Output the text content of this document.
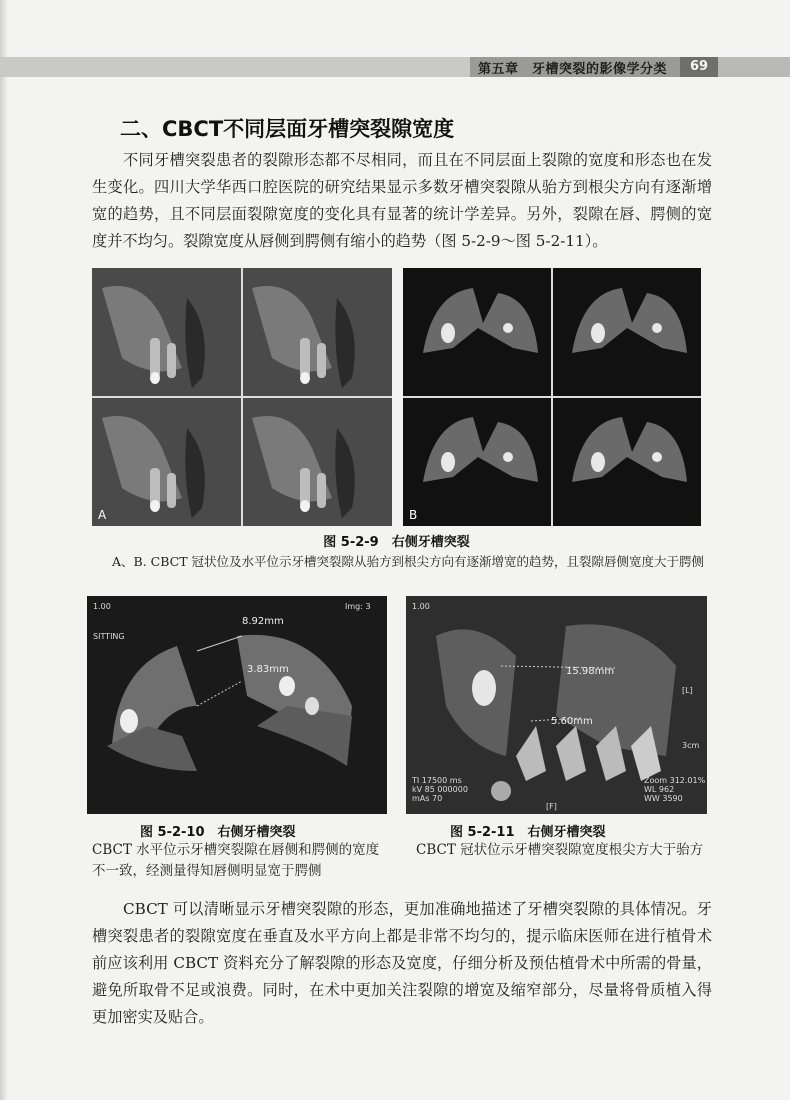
第五章　牙槽突裂的影像学分类	69
二、CBCT不同层面牙槽突裂隙宽度
不同牙槽突裂患者的裂隙形态都不尽相同，而且在不同层面上裂隙的宽度和形态也在发生变化。四川大学华西口腔医院的研究结果显示多数牙槽突裂隙从骀方到根尖方向有逐渐增宽的趋势，且不同层面裂隙宽度的变化具有显著的统计学差异。另外，裂隙在唇、腭侧的宽度并不均匀。裂隙宽度从唇侧到腭侧有缩小的趋势（图 5-2-9～图 5-2-11）。
A	B
图 5-2-9　右侧牙槽突裂
A、B. CBCT 冠状位及水平位示牙槽突裂隙从骀方到根尖方向有逐渐增宽的趋势，且裂隙唇侧宽度大于腭侧
1.00
SITTING
Img: 3
8.92mm
3.83mm
1.00
15.98mm
5.60mm
[L]
3cm
TI 17500 ms
kV 85 000000
mAs 70
Zoom 312.01%
WL 962
WW 3590
[F]
图 5-2-10　右侧牙槽突裂
CBCT 水平位示牙槽突裂隙在唇侧和腭侧的宽度不一致，经测量得知唇侧明显宽于腭侧
图 5-2-11　右侧牙槽突裂
CBCT 冠状位示牙槽突裂隙宽度根尖方大于骀方
CBCT 可以清晰显示牙槽突裂隙的形态，更加准确地描述了牙槽突裂隙的具体情况。牙槽突裂患者的裂隙宽度在垂直及水平方向上都是非常不均匀的，提示临床医师在进行植骨术前应该利用 CBCT 资料充分了解裂隙的形态及宽度，仔细分析及预估植骨术中所需的骨量，避免所取骨不足或浪费。同时，在术中更加关注裂隙的增宽及缩窄部分，尽量将骨质植入得更加密实及贴合。
